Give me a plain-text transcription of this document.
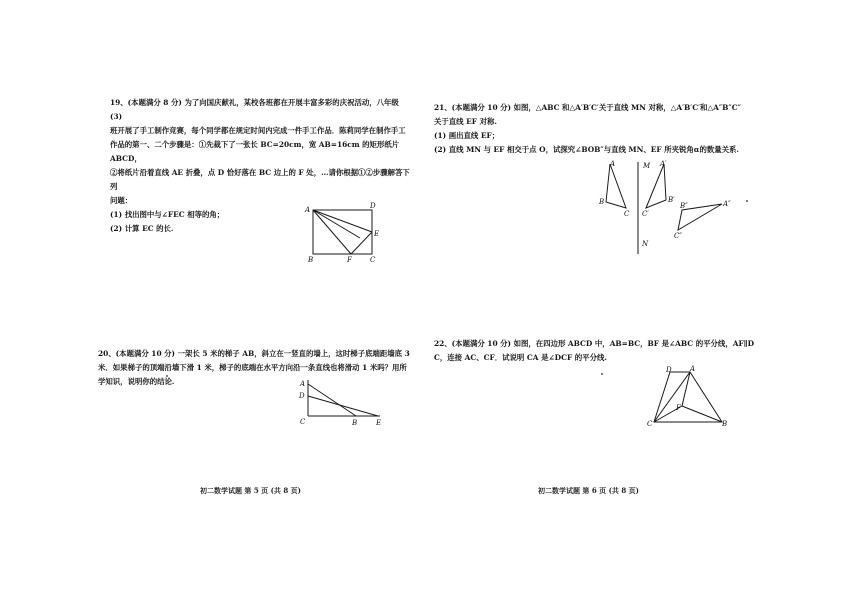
19、(本题满分 8 分) 为了向国庆献礼，某校各班都在开展丰富多彩的庆祝活动，八年级 (3)

班开展了手工制作竞赛，每个同学都在规定时间内完成一件手工作品．陈莉同学在制作手工

作品的第一、二个步骤是：①先裁下了一张长 BC=20cm，宽 AB=16cm 的矩形纸片 ABCD，

②将纸片沿着直线 AE 折叠，点 D 恰好落在 BC 边上的 F 处，…请你根据①②步骤解答下列

问题：

(1) 找出图中与∠FEC 相等的角；

(2) 计算 EC 的长.

A	D
E
B	F	C

20、(本题满分 10 分) 一架长 5 米的梯子 AB，斜立在一竖直的墙上，这时梯子底端距墙底 3

米．如果梯子的顶端沿墙下滑 1 米，梯子的底端在水平方向沿一条直线也将滑动 1 米吗？用所

学知识，说明你的结论.	A
D
C	B	E
初二数学试题 第 5 页 (共 8 页)

21、(本题满分 10 分) 如图，△ABC 和△A′B′C′关于直线 MN 对称，△A′B′C′和△A″B″C″

关于直线 EF 对称.

(1) 画出直线 EF；

(2) 直线 MN 与 EF 相交于点 O，试探究∠BOB″与直线 MN、EF 所夹锐角α的数量关系.

A	M A′
B
C C′
B′
B″	A″
C″
N

22、(本题满分 10 分) 如图，在四边形 ABCD 中，AB=BC，BF 是∠ABC 的平分线，AF∥D

C，连接 AC、CF．试说明 CA 是∠DCF 的平分线.

D	A
F
C	B
初二数学试题 第 6 页 (共 8 页)
